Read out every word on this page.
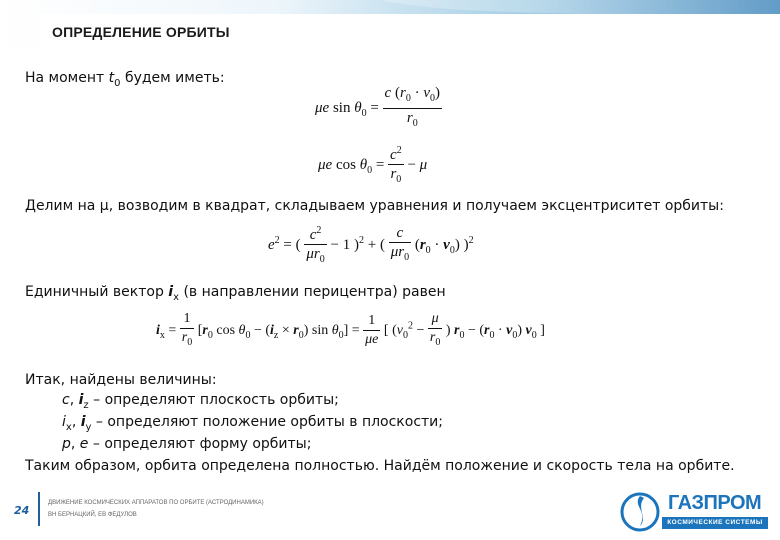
ОПРЕДЕЛЕНИЕ ОРБИТЫ
На момент $t_0$ будем иметь:
μe $\sin \theta_0 = \frac{c (r_0 \cdot v_0)}{r_0}$
μe $\cos \theta_0 = \frac{c^2}{r_0} - \mu$
Делим на μ, возводим в квадрат, складываем уравнения и получаем эксцентриситет орбиты:
$e^2$ = ( $\frac{c^2}{\mu r_0} - 1$ )$^2$ + ( $\frac{c}{\mu r_0} (r_0 \cdot v_0)$ )$^2$
Единичный вектор $i_x$ (в направлении перицентра) равен
$i_x = \frac{1}{r_0} [r_0$ $\cos \theta_0 - (i_z \times r_0)$ $\sin \theta_0] = \frac{1}{\mu e}$ [ ($v_0^2 - \frac{\mu}{r_0}$ ) $r_0 - (r_0 \cdot v_0)$ $v_0$ ]
Итак, найдены величины:
c, $i_z$ – определяют плоскость орбиты;
$i_x$, $i_y$ – определяют положение орбиты в плоскости;
p, e – определяют форму орбиты;
Таким образом, орбита определена полностью. Найдём положение и скорость тела на орбите.
24
ДВИЖЕНИЕ КОСМИЧЕСКИХ АППАРАТОВ ПО ОРБИТЕ (АСТРОДИНАМИКА)
ВН БЕРНАЦКИЙ, ЕВ ФЕДУЛОВ
ГАЗПРОМ
КОСМИЧЕСКИЕ СИСТЕМЫ
